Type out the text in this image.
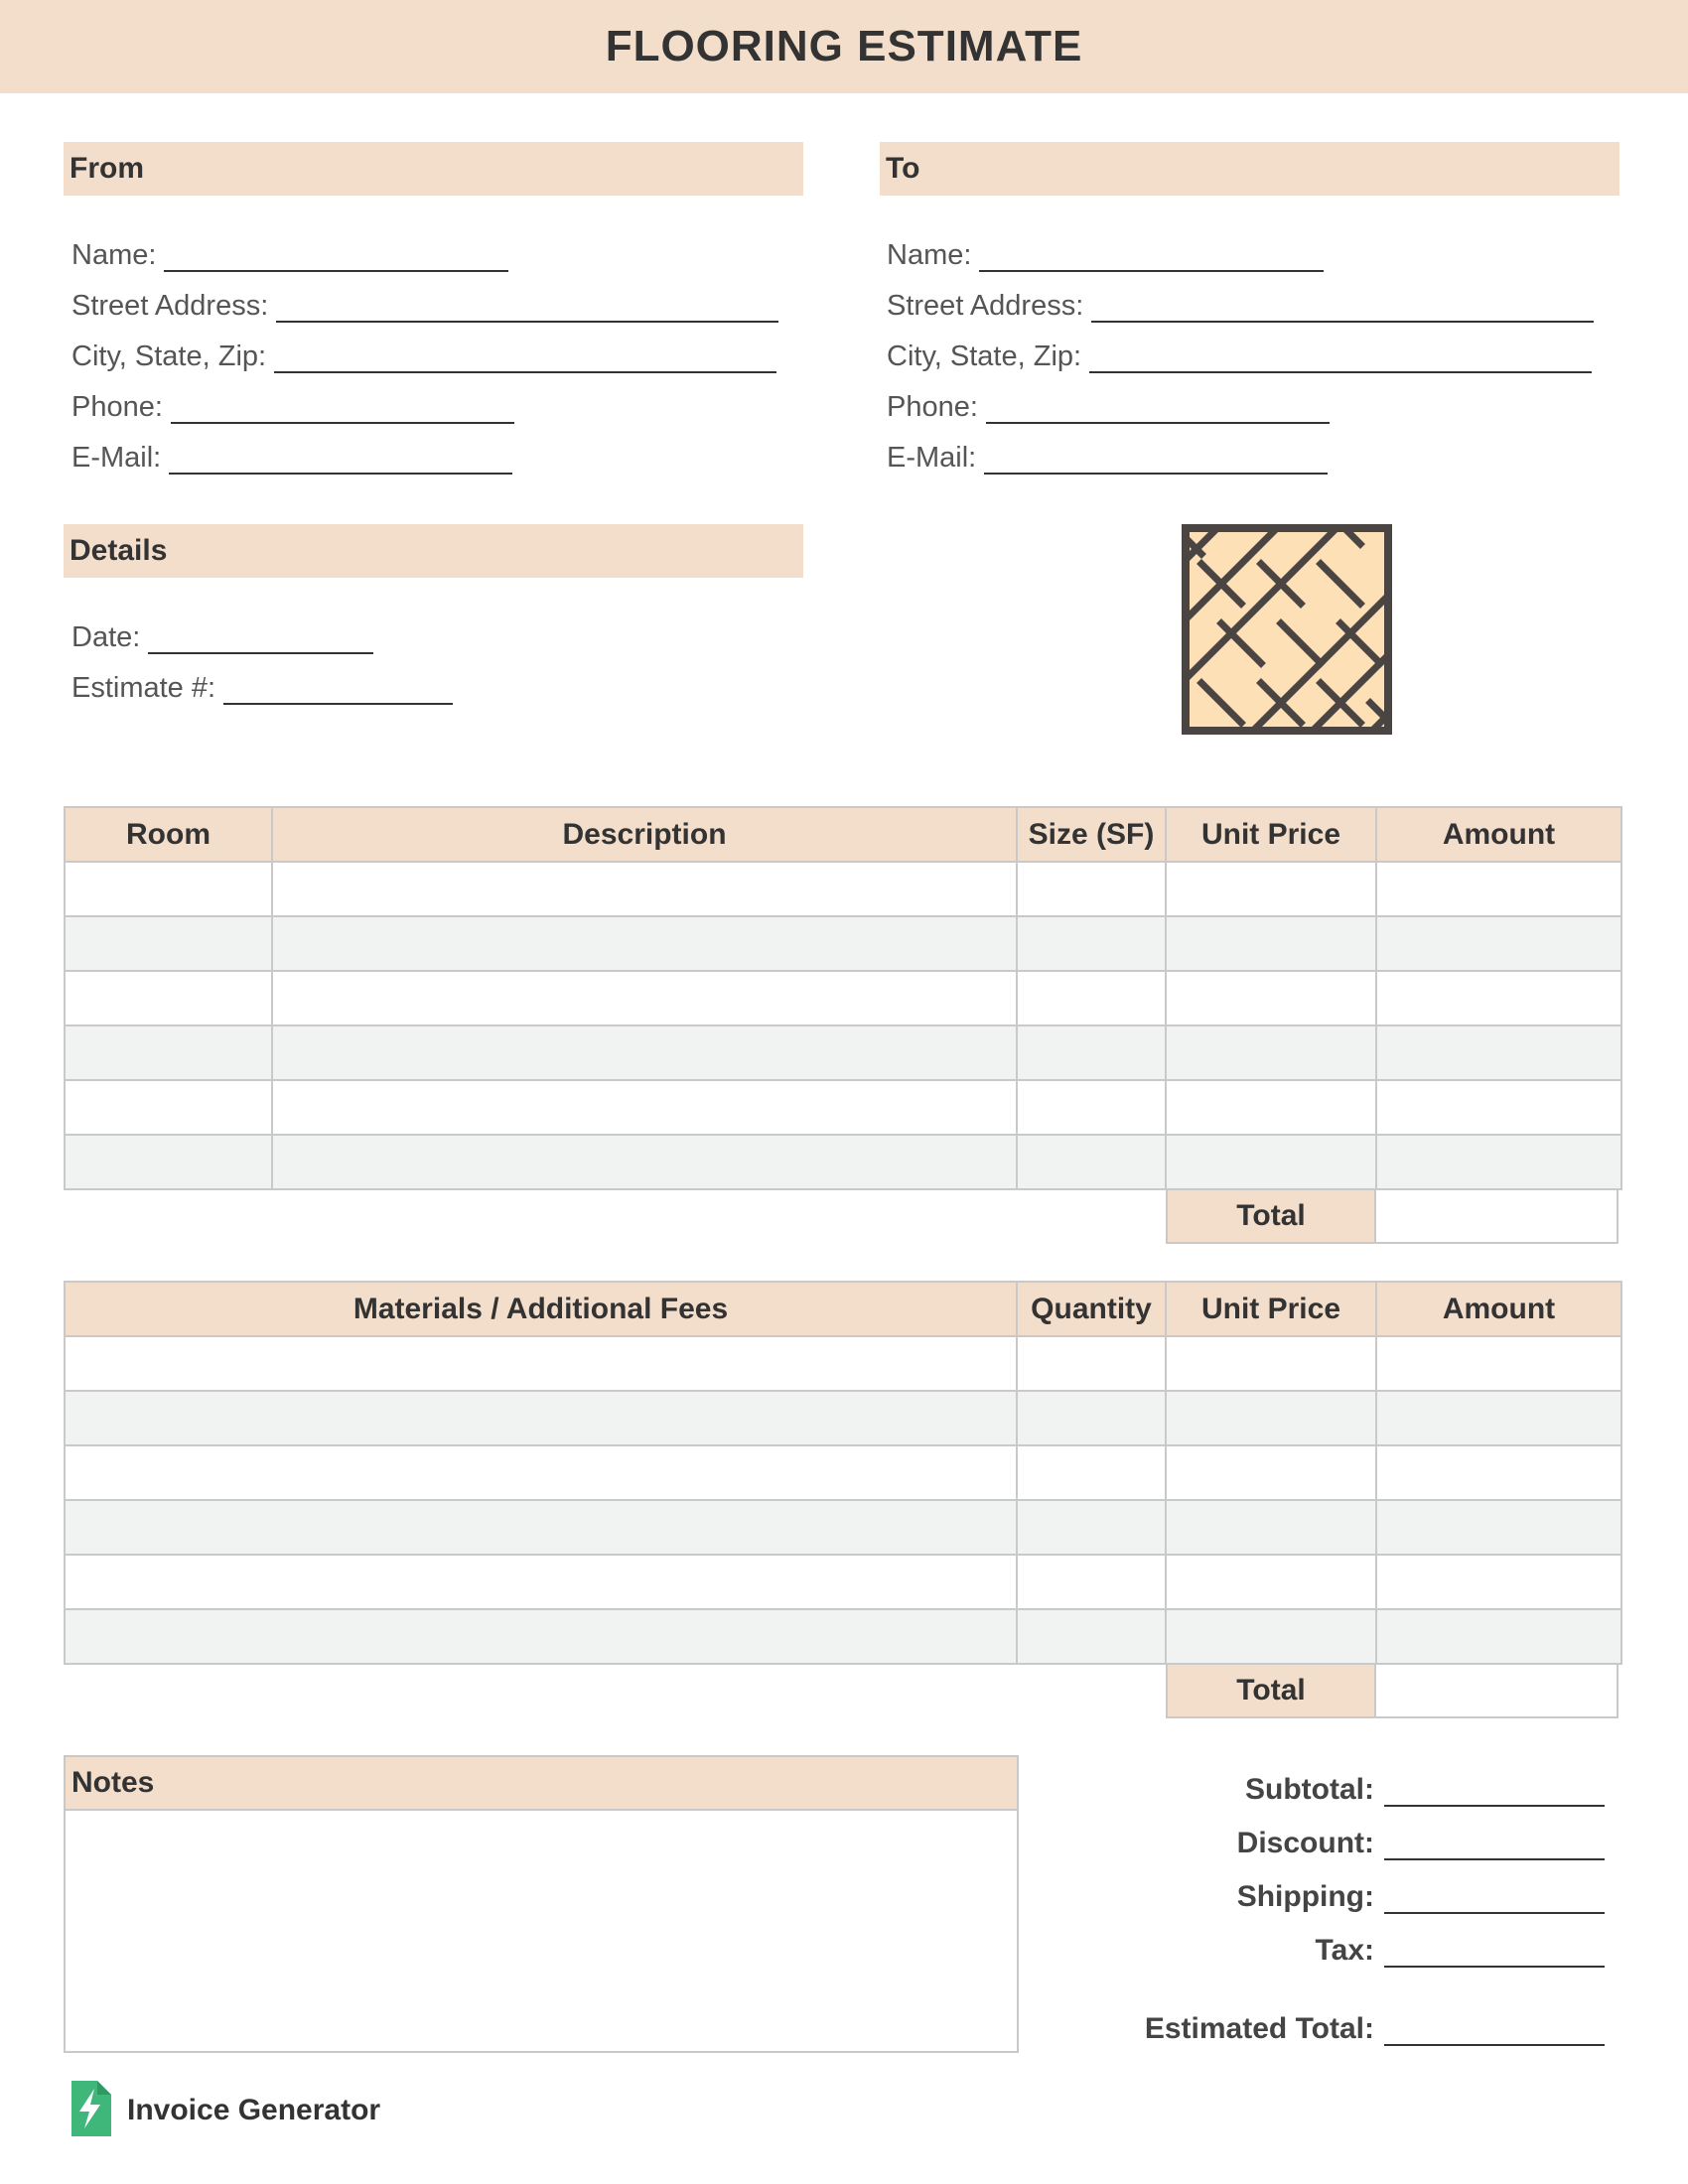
FLOORING ESTIMATE
From
Name:
Street Address:
City, State, Zip:
Phone:
E-Mail:
To
Name:
Street Address:
City, State, Zip:
Phone:
E-Mail:
Details
Date:
Estimate #:
Room	Description	Size (SF)	Unit Price	Amount

Total
Materials / Additional Fees	Quantity	Unit Price	Amount

Total
Notes	Subtotal:
Discount:
Shipping:
Tax:
Estimated Total:
Invoice Generator
